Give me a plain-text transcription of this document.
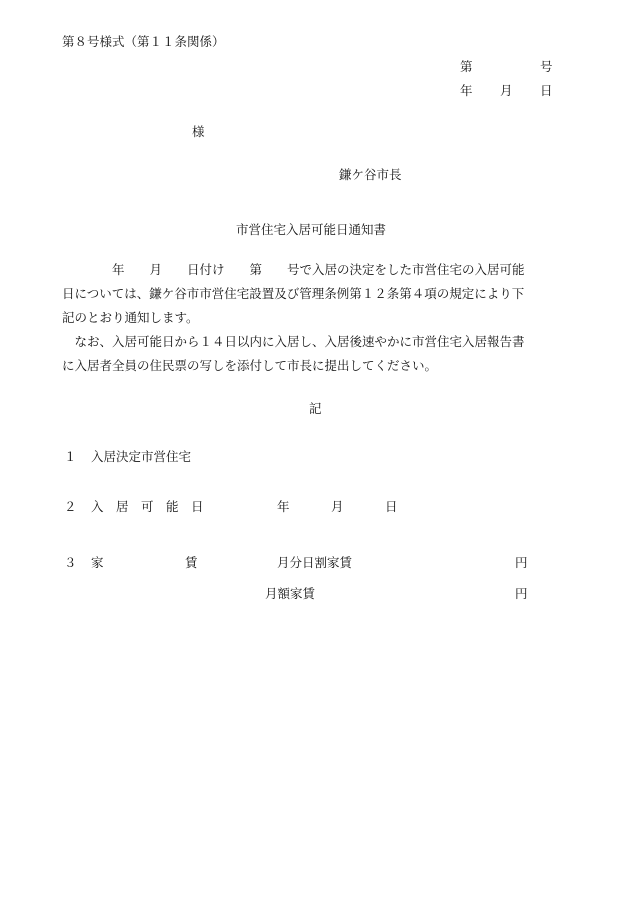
第８号様式（第１１条関係）
第	号
年 月 日
様
鎌ケ谷市長
市営住宅入居可能日通知書
　　　　年　　月　　日付け　　第　　号で入居の決定をした市営住宅の入居可能
日については、鎌ケ谷市市営住宅設置及び管理条例第１２条第４項の規定により下
記のとおり通知します。
　なお、入居可能日から１４日以内に入居し、入居後速やかに市営住宅入居報告書
に入居者全員の住民票の写しを添付して市長に提出してください。
記
１ 入居決定市営住宅
２ 入　居　可　能　日	年	月	日
３ 家	賃	月分日割家賃	円
月額家賃	円
